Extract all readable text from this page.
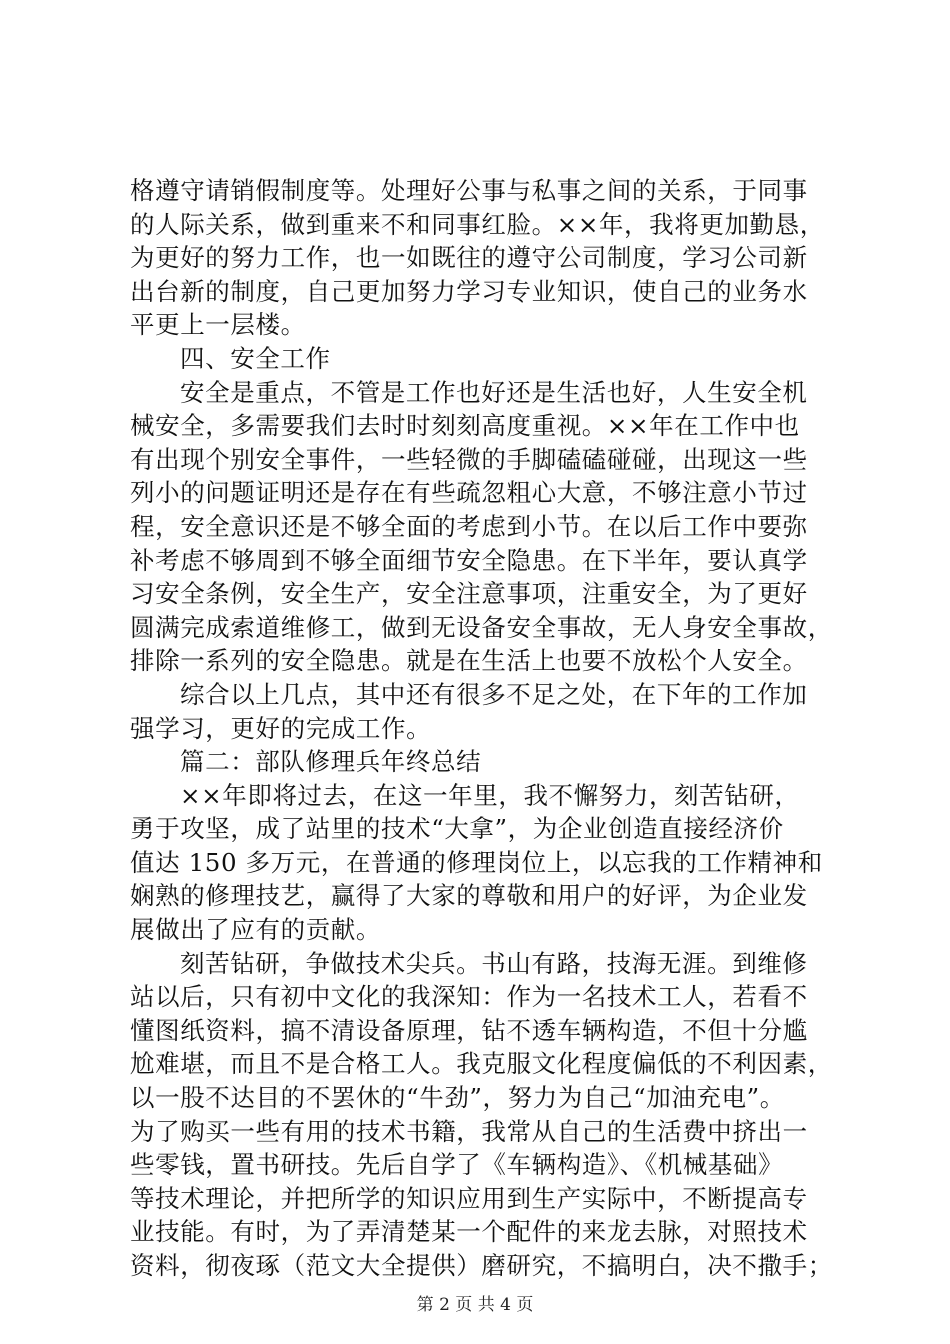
格遵守请销假制度等。处理好公事与私事之间的关系，于同事
的人际关系，做到重来不和同事红脸。××年，我将更加勤恳，
为更好的努力工作，也一如既往的遵守公司制度，学习公司新
出台新的制度，自己更加努力学习专业知识，使自己的业务水
平更上一层楼。
四、安全工作
安全是重点，不管是工作也好还是生活也好，人生安全机
械安全，多需要我们去时时刻刻高度重视。××年在工作中也
有出现个别安全事件，一些轻微的手脚磕磕碰碰，出现这一些
列小的问题证明还是存在有些疏忽粗心大意，不够注意小节过
程，安全意识还是不够全面的考虑到小节。在以后工作中要弥
补考虑不够周到不够全面细节安全隐患。在下半年，要认真学
习安全条例，安全生产，安全注意事项，注重安全，为了更好
圆满完成索道维修工，做到无设备安全事故，无人身安全事故，
排除一系列的安全隐患。就是在生活上也要不放松个人安全。
综合以上几点，其中还有很多不足之处，在下年的工作加
强学习，更好的完成工作。
篇二：部队修理兵年终总结
××年即将过去，在这一年里，我不懈努力，刻苦钻研，
勇于攻坚，成了站里的技术“大拿”，为企业创造直接经济价
值达 150 多万元，在普通的修理岗位上，以忘我的工作精神和
娴熟的修理技艺，赢得了大家的尊敬和用户的好评，为企业发
展做出了应有的贡献。
刻苦钻研，争做技术尖兵。书山有路，技海无涯。到维修
站以后，只有初中文化的我深知：作为一名技术工人，若看不
懂图纸资料，搞不清设备原理，钻不透车辆构造，不但十分尴
尬难堪，而且不是合格工人。我克服文化程度偏低的不利因素，
以一股不达目的不罢休的“牛劲”，努力为自己“加油充电”。
为了购买一些有用的技术书籍，我常从自己的生活费中挤出一
些零钱，置书研技。先后自学了《车辆构造》、《机械基础》
等技术理论，并把所学的知识应用到生产实际中，不断提高专
业技能。有时，为了弄清楚某一个配件的来龙去脉，对照技术
资料，彻夜琢（范文大全提供）磨研究，不搞明白，决不撒手；
第 2 页 共 4 页
